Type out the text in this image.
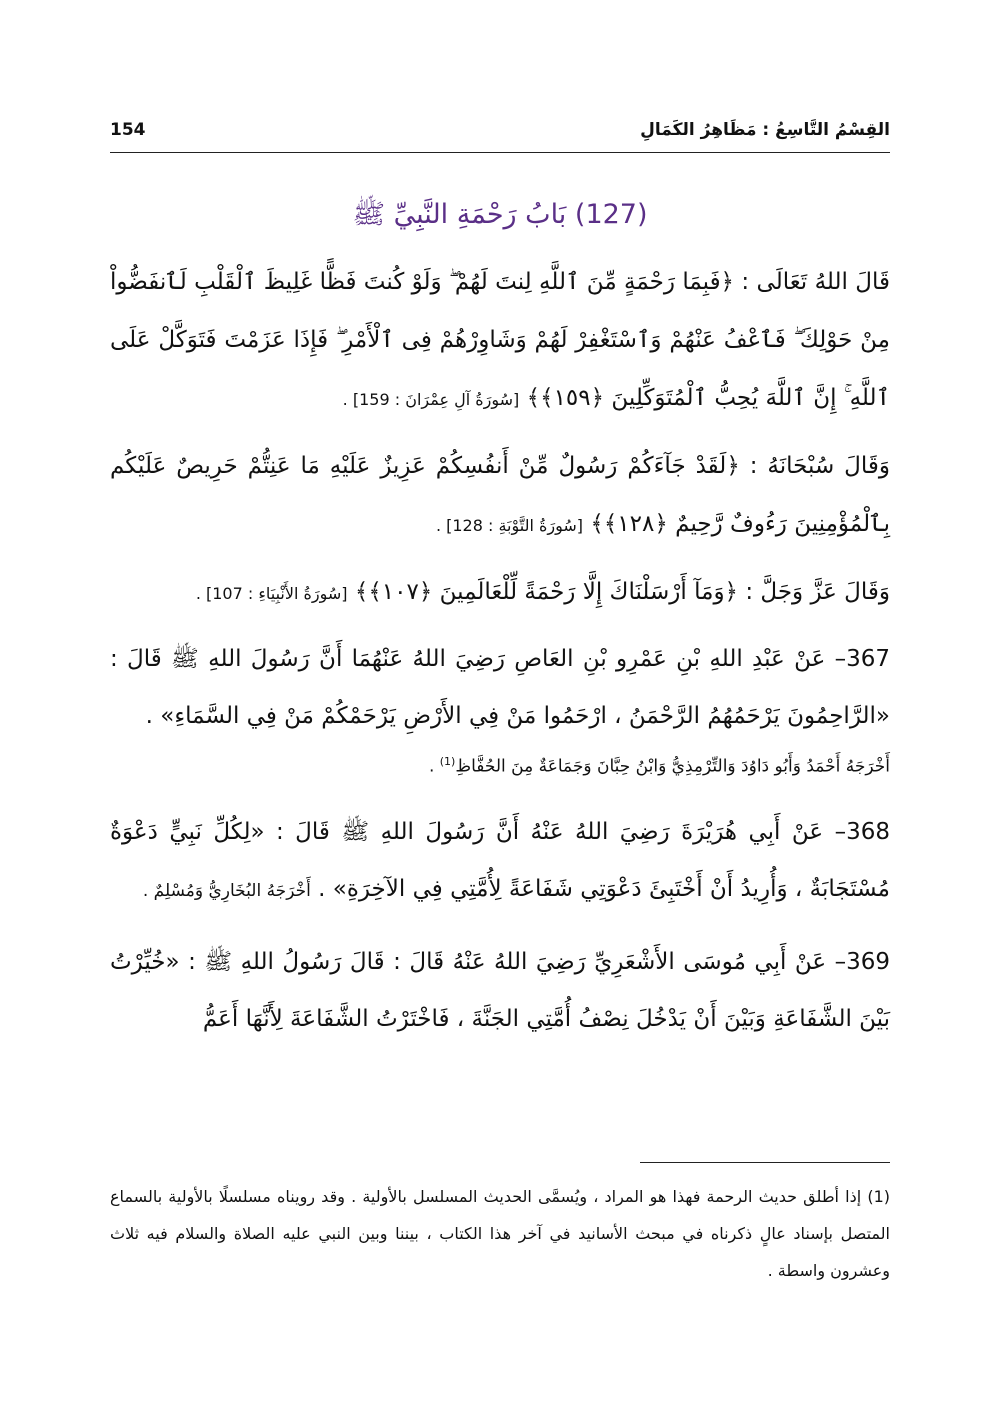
القِسْمُ التَّاسِعُ : مَظَاهِرُ الكَمَالِ
154
(127) بَابُ رَحْمَةِ النَّبِيِّ ﷺ

قَالَ اللهُ تَعَالَى : ﴿فَبِمَا رَحْمَةٍ مِّنَ ٱللَّهِ لِنتَ لَهُمْ ۖ وَلَوْ كُنتَ فَظًّا غَلِيظَ ٱلْقَلْبِ لَٱنفَضُّواْ مِنْ حَوْلِكَ ۖ فَٱعْفُ عَنْهُمْ وَٱسْتَغْفِرْ لَهُمْ وَشَاوِرْهُمْ فِى ٱلْأَمْرِ ۖ فَإِذَا عَزَمْتَ فَتَوَكَّلْ عَلَى ٱللَّهِ ۚ إِنَّ ٱللَّهَ يُحِبُّ ٱلْمُتَوَكِّلِينَ ﴿١٥٩﴾﴾ [سُورَةُ آلِ عِمْرَانَ : 159] .

وَقَالَ سُبْحَانَهُ : ﴿لَقَدْ جَآءَكُمْ رَسُولٌ مِّنْ أَنفُسِكُمْ عَزِيزٌ عَلَيْهِ مَا عَنِتُّمْ حَرِيصٌ عَلَيْكُم بِٱلْمُؤْمِنِينَ رَءُوفٌ رَّحِيمٌ ﴿١٢٨﴾﴾ [سُورَةُ التَّوْبَةِ : 128] .

وَقَالَ عَزَّ وَجَلَّ : ﴿وَمَآ أَرْسَلْنَاكَ إِلَّا رَحْمَةً لِّلْعَالَمِينَ ﴿١٠٧﴾﴾ [سُورَةُ الأَنْبِيَاءِ : 107] .

367– عَنْ عَبْدِ اللهِ بْنِ عَمْرِو بْنِ العَاصِ رَضِيَ اللهُ عَنْهُمَا أَنَّ رَسُولَ اللهِ ﷺ قَالَ : «الرَّاحِمُونَ يَرْحَمُهُمُ الرَّحْمَنُ ، ارْحَمُوا مَنْ فِي الأَرْضِ يَرْحَمْكُمْ مَنْ فِي السَّمَاءِ» .

أَخْرَجَهُ أَحْمَدُ وَأَبُو دَاوُدَ وَالتِّرْمِذِيُّ وَابْنُ حِبَّانَ وَجَمَاعَةٌ مِنَ الحُفَّاظِ$^{(1)}$ .

368– عَنْ أَبِي هُرَيْرَةَ رَضِيَ اللهُ عَنْهُ أَنَّ رَسُولَ اللهِ ﷺ قَالَ : «لِكُلِّ نَبِيٍّ دَعْوَةٌ مُسْتَجَابَةٌ ، وَأُرِيدُ أَنْ أَخْتَبِئَ دَعْوَتِي شَفَاعَةً لِأُمَّتِي فِي الآخِرَةِ» . أَخْرَجَهُ البُخَارِيُّ وَمُسْلِمٌ .

369– عَنْ أَبِي مُوسَى الأَشْعَرِيِّ رَضِيَ اللهُ عَنْهُ قَالَ : قَالَ رَسُولُ اللهِ ﷺ : «خُيِّرْتُ بَيْنَ الشَّفَاعَةِ وَبَيْنَ أَنْ يَدْخُلَ نِصْفُ أُمَّتِي الجَنَّةَ ، فَاخْتَرْتُ الشَّفَاعَةَ لِأَنَّهَا أَعَمُّ

(1) إذا أطلق حديث الرحمة فهذا هو المراد ، ويُسمَّى الحديث المسلسل بالأولية . وقد رويناه مسلسلًا بالأولية بالسماع المتصل بإسناد عالٍ ذكرناه في مبحث الأسانيد في آخر هذا الكتاب ، بيننا وبين النبي عليه الصلاة والسلام فيه ثلاث وعشرون واسطة .
